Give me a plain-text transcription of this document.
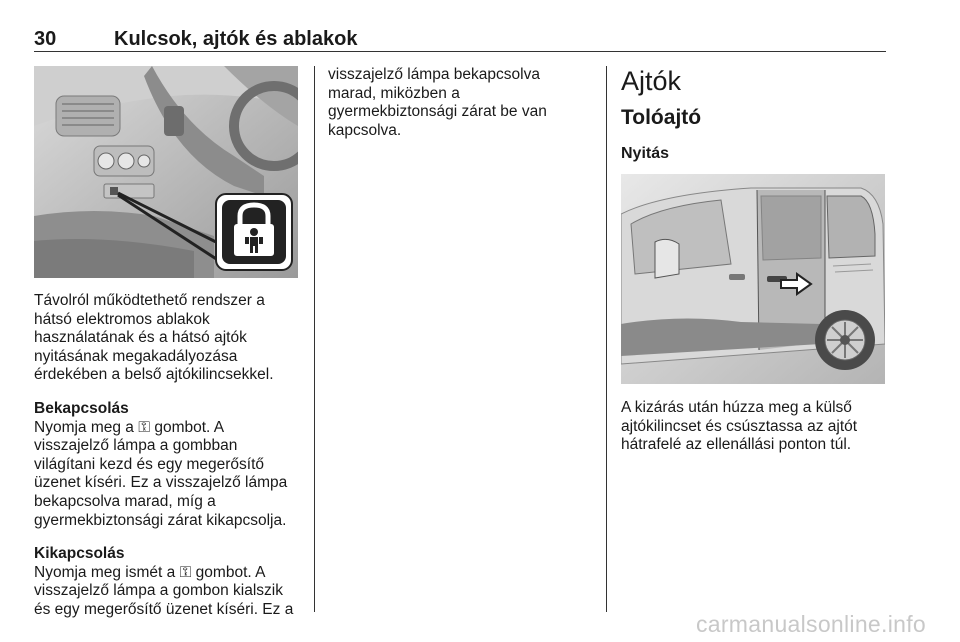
30	Kulcsok, ajtók és ablakok

Távolról működtethető rendszer a

hátsó elektromos ablakok

használatának és a hátsó ajtók

nyitásának megakadályozása

érdekében a belső ajtókilincsekkel.

Bekapcsolás

Nyomja meg a ⚿ gombot. A

visszajelző lámpa a gombban

világítani kezd és egy megerősítő

üzenet kíséri. Ez a visszajelző lámpa

bekapcsolva marad, míg a

gyermekbiztonsági zárat kikapcsolja.

Kikapcsolás

Nyomja meg ismét a ⚿ gombot. A

visszajelző lámpa a gombon kialszik

és egy megerősítő üzenet kíséri. Ez a

visszajelző lámpa bekapcsolva

marad, miközben a

gyermekbiztonsági zárat be van

kapcsolva.

Ajtók
Tolóajtó
Nyitás

A kizárás után húzza meg a külső

ajtókilincset és csúsztassa az ajtót

hátrafelé az ellenállási ponton túl.

carmanualsonline.info
